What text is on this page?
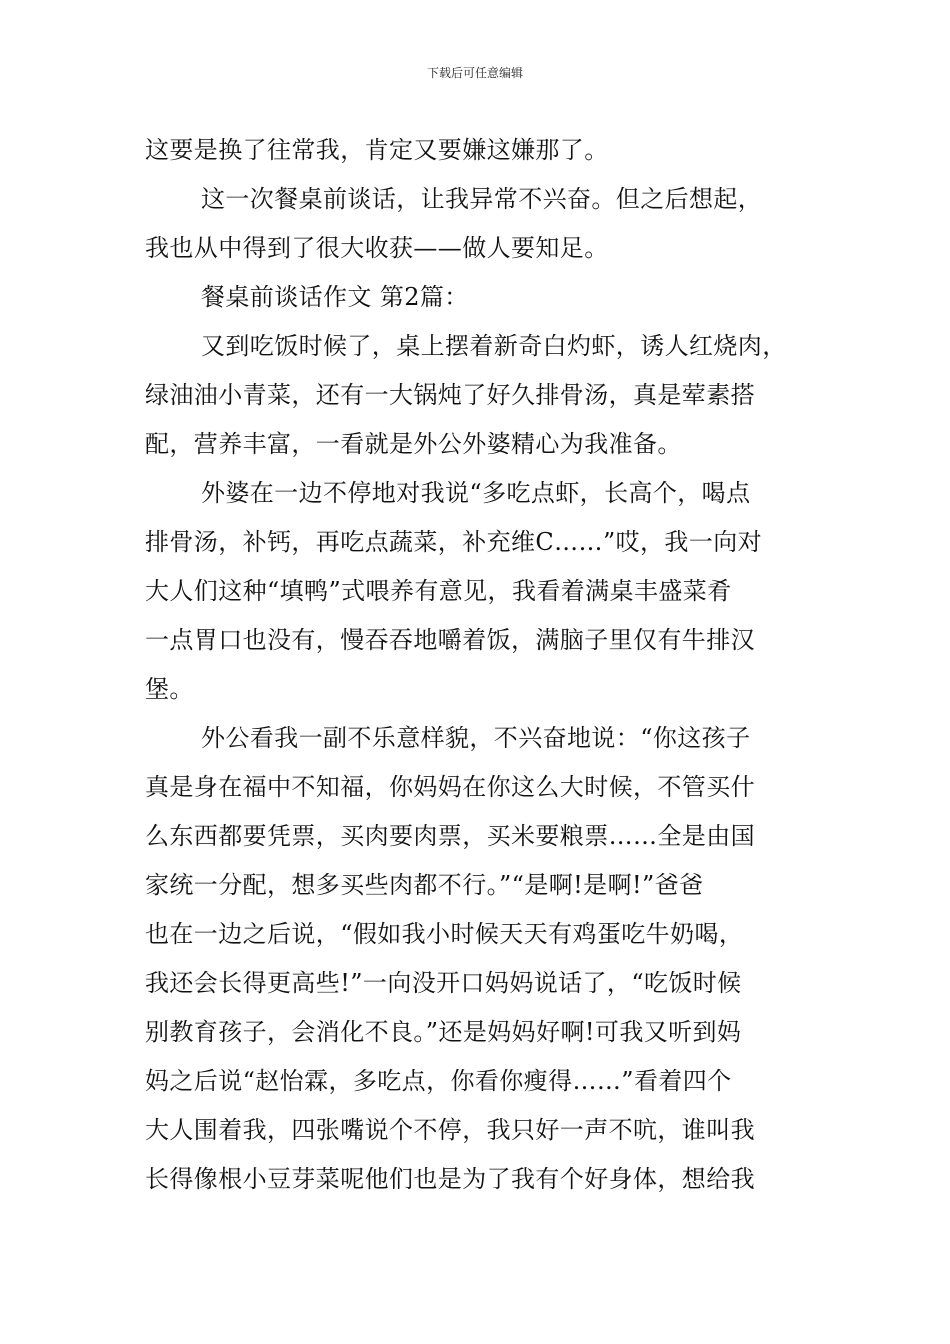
下载后可任意编辑
这要是换了往常我，肯定又要嫌这嫌那了。
这一次餐桌前谈话，让我异常不兴奋。但之后想起，
我也从中得到了很大收获——做人要知足。
餐桌前谈话作文 第2篇：
又到吃饭时候了，桌上摆着新奇白灼虾，诱人红烧肉，
绿油油小青菜，还有一大锅炖了好久排骨汤，真是荤素搭
配，营养丰富，一看就是外公外婆精心为我准备。
外婆在一边不停地对我说“多吃点虾，长高个，喝点
排骨汤，补钙，再吃点蔬菜，补充维C……”哎，我一向对
大人们这种“填鸭”式喂养有意见，我看着满桌丰盛菜肴
一点胃口也没有，慢吞吞地嚼着饭，满脑子里仅有牛排汉
堡。
外公看我一副不乐意样貌，不兴奋地说：“你这孩子
真是身在福中不知福，你妈妈在你这么大时候，不管买什
么东西都要凭票，买肉要肉票，买米要粮票……全是由国
家统一分配，想多买些肉都不行。”“是啊!是啊!”爸爸
也在一边之后说，“假如我小时候天天有鸡蛋吃牛奶喝，
我还会长得更高些!”一向没开口妈妈说话了，“吃饭时候
别教育孩子，会消化不良。”还是妈妈好啊!可我又听到妈
妈之后说“赵怡霖，多吃点，你看你瘦得……”看着四个
大人围着我，四张嘴说个不停，我只好一声不吭，谁叫我
长得像根小豆芽菜呢他们也是为了我有个好身体，想给我
